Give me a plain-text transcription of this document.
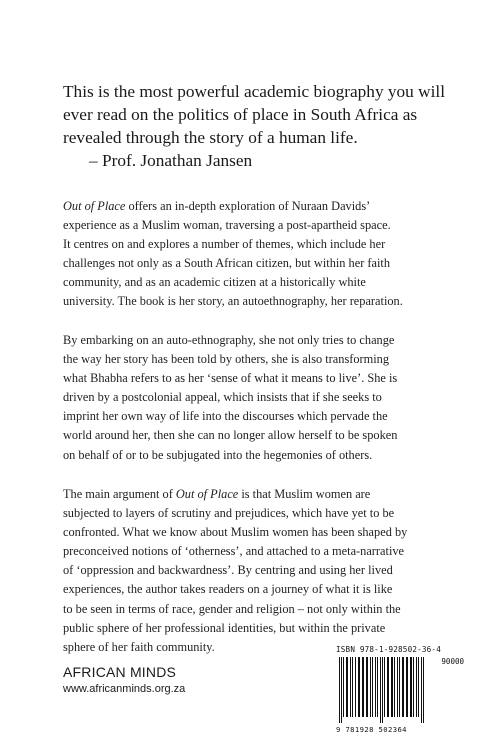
This is the most powerful academic biography you will

ever read on the politics of place in South Africa as

revealed through the story of a human life.

– Prof. Jonathan Jansen

Out of Place offers an in-depth exploration of Nuraan Davids’

experience as a Muslim woman, traversing a post-apartheid space.

It centres on and explores a number of themes, which include her

challenges not only as a South African citizen, but within her faith

community, and as an academic citizen at a historically white

university. The book is her story, an autoethnography, her reparation.

By embarking on an auto-ethnography, she not only tries to change

the way her story has been told by others, she is also transforming

what Bhabha refers to as her ‘sense of what it means to live’. She is

driven by a postcolonial appeal, which insists that if she seeks to

imprint her own way of life into the discourses which pervade the

world around her, then she can no longer allow herself to be spoken

on behalf of or to be subjugated into the hegemonies of others.

The main argument of Out of Place is that Muslim women are

subjected to layers of scrutiny and prejudices, which have yet to be

confronted. What we know about Muslim women has been shaped by

preconceived notions of ‘otherness’, and attached to a meta-narrative

of ‘oppression and backwardness’. By centring and using her lived

experiences, the author takes readers on a journey of what it is like

to be seen in terms of race, gender and religion – not only within the

public sphere of her professional identities, but within the private

sphere of her faith community.

AFRICAN MINDS
www.africanminds.org.za
ISBN 978-1-928502-36-4
90000
9 781928 502364
